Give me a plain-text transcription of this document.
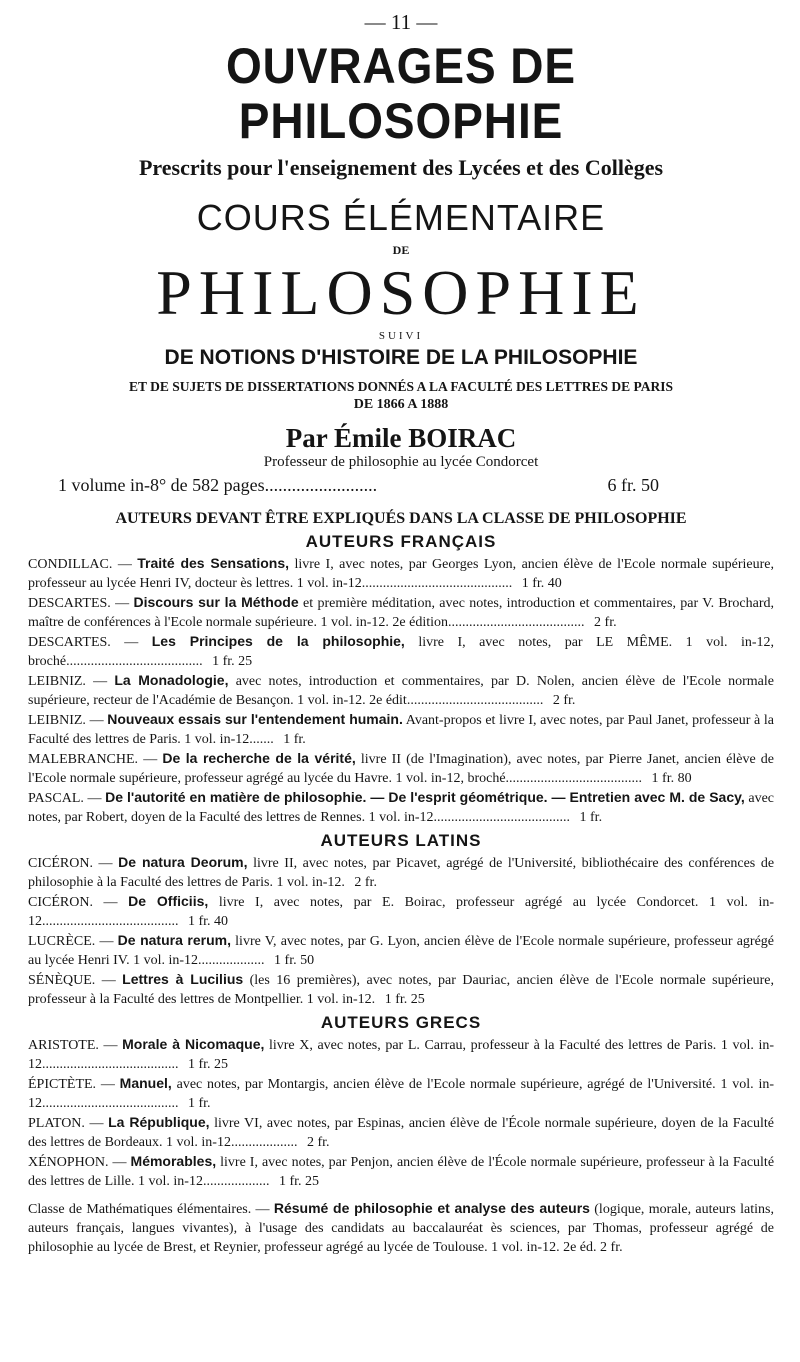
— 11 —
OUVRAGES DE PHILOSOPHIE
Prescrits pour l'enseignement des Lycées et des Collèges
COURS ÉLÉMENTAIRE
DE
PHILOSOPHIE
SUIVI
DE NOTIONS D'HISTOIRE DE LA PHILOSOPHIE
ET DE SUJETS DE DISSERTATIONS DONNÉS A LA FACULTÉ DES LETTRES DE PARIS
DE 1866 A 1888
Par Émile BOIRAC
Professeur de philosophie au lycée Condorcet
6 fr. 50
1 volume in-8° de 582 pages.........................
AUTEURS DEVANT ÊTRE EXPLIQUÉS DANS LA CLASSE DE PHILOSOPHIE
AUTEURS FRANÇAIS

CONDILLAC. — Traité des Sensations, livre I, avec notes, par Georges Lyon, ancien élève de l'Ecole normale supérieure, professeur au lycée Henri IV, docteur ès lettres. 1 vol. in-12........................................... 1 fr. 40

DESCARTES. — Discours sur la Méthode et première méditation, avec notes, introduction et commentaires, par V. Brochard, maître de conférences à l'Ecole normale supérieure. 1 vol. in-12. 2e édition....................................... 2 fr.

DESCARTES. — Les Principes de la philosophie, livre I, avec notes, par LE MÊME. 1 vol. in-12, broché....................................... 1 fr. 25

LEIBNIZ. — La Monadologie, avec notes, introduction et commentaires, par D. Nolen, ancien élève de l'Ecole normale supérieure, recteur de l'Académie de Besançon. 1 vol. in-12. 2e édit....................................... 2 fr.

LEIBNIZ. — Nouveaux essais sur l'entendement humain. Avant-propos et livre I, avec notes, par Paul Janet, professeur à la Faculté des lettres de Paris. 1 vol. in-12....... 1 fr.

MALEBRANCHE. — De la recherche de la vérité, livre II (de l'Imagination), avec notes, par Pierre Janet, ancien élève de l'Ecole normale supérieure, professeur agrégé au lycée du Havre. 1 vol. in-12, broché....................................... 1 fr. 80

PASCAL. — De l'autorité en matière de philosophie. — De l'esprit géométrique. — Entretien avec M. de Sacy, avec notes, par Robert, doyen de la Faculté des lettres de Rennes. 1 vol. in-12....................................... 1 fr.

AUTEURS LATINS

CICÉRON. — De natura Deorum, livre II, avec notes, par Picavet, agrégé de l'Université, bibliothécaire des conférences de philosophie à la Faculté des lettres de Paris. 1 vol. in-12. 2 fr.

CICÉRON. — De Officiis, livre I, avec notes, par E. Boirac, professeur agrégé au lycée Condorcet. 1 vol. in-12....................................... 1 fr. 40

LUCRÈCE. — De natura rerum, livre V, avec notes, par G. Lyon, ancien élève de l'Ecole normale supérieure, professeur agrégé au lycée Henri IV. 1 vol. in-12................... 1 fr. 50

SÉNÈQUE. — Lettres à Lucilius (les 16 premières), avec notes, par Dauriac, ancien élève de l'Ecole normale supérieure, professeur à la Faculté des lettres de Montpellier. 1 vol. in-12. 1 fr. 25

AUTEURS GRECS

ARISTOTE. — Morale à Nicomaque, livre X, avec notes, par L. Carrau, professeur à la Faculté des lettres de Paris. 1 vol. in-12....................................... 1 fr. 25

ÉPICTÈTE. — Manuel, avec notes, par Montargis, ancien élève de l'Ecole normale supérieure, agrégé de l'Université. 1 vol. in-12....................................... 1 fr.

PLATON. — La République, livre VI, avec notes, par Espinas, ancien élève de l'École normale supérieure, doyen de la Faculté des lettres de Bordeaux. 1 vol. in-12................... 2 fr.

XÉNOPHON. — Mémorables, livre I, avec notes, par Penjon, ancien élève de l'École normale supérieure, professeur à la Faculté des lettres de Lille. 1 vol. in-12................... 1 fr. 25

Classe de Mathématiques élémentaires. — Résumé de philosophie et analyse des auteurs (logique, morale, auteurs latins, auteurs français, langues vivantes), à l'usage des candidats au baccalauréat ès sciences, par Thomas, professeur agrégé de philosophie au lycée de Brest, et Reynier, professeur agrégé au lycée de Toulouse. 1 vol. in-12. 2e éd. 2 fr.
